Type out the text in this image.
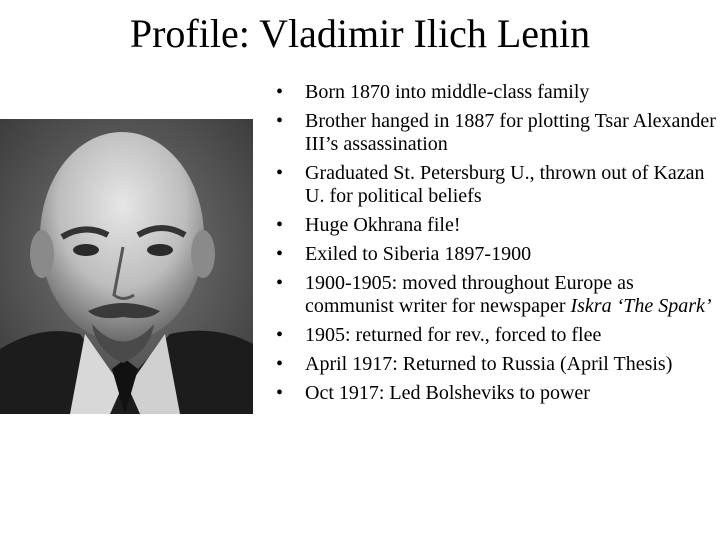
Profile: Vladimir Ilich Lenin
• Born 1870 into middle-class family
• Brother hanged in 1887 for plotting Tsar Alexander III’s assassination
• Graduated St. Petersburg U., thrown out of Kazan U. for political beliefs
• Huge Okhrana file!
• Exiled to Siberia 1897-1900
• 1900-1905: moved throughout Europe as communist writer for newspaper Iskra ‘The Spark’
• 1905: returned for rev., forced to flee
• April 1917: Returned to Russia (April Thesis)
• Oct 1917: Led Bolsheviks to power
